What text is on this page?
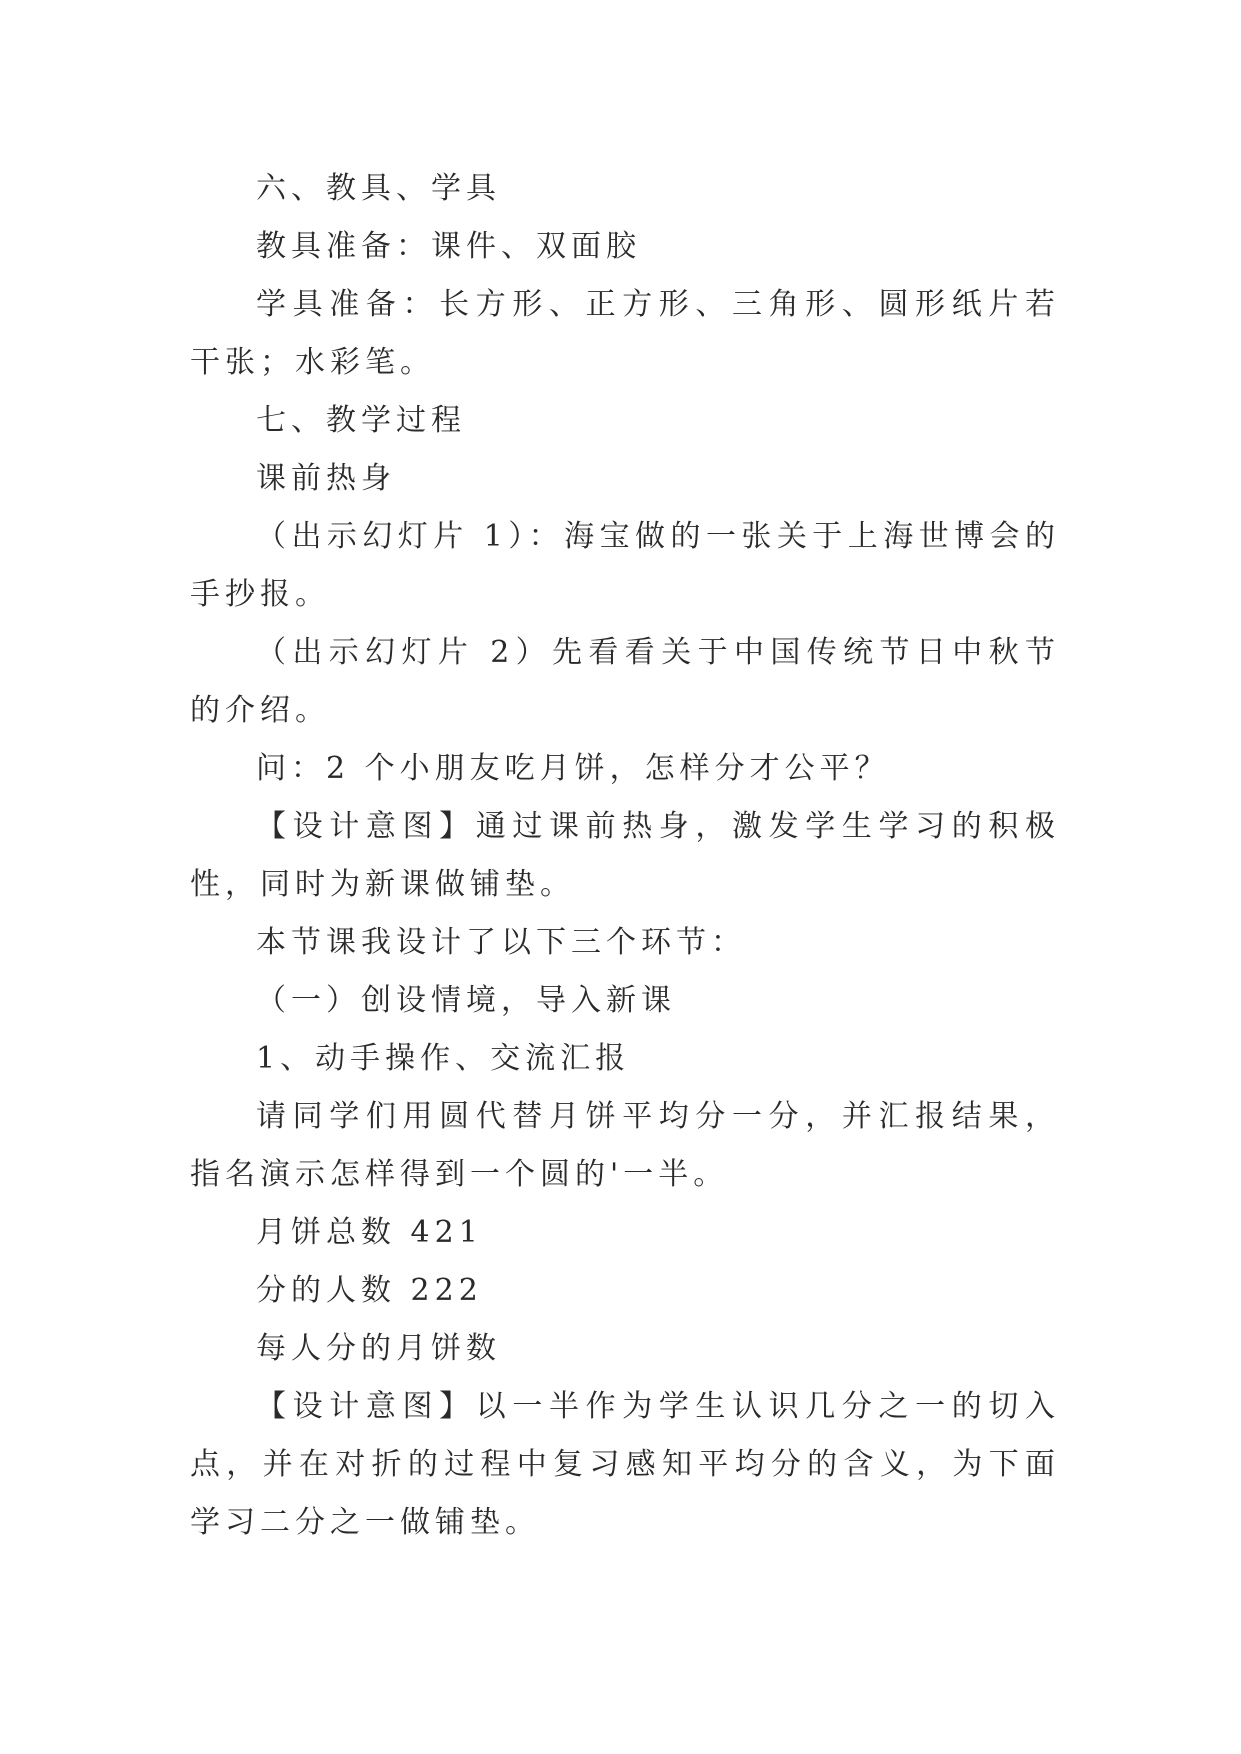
六、教具、学具

教具准备：课件、双面胶

学具准备：长方形、正方形、三角形、圆形纸片若干张；水彩笔。

七、教学过程

课前热身

（出示幻灯片 1）：海宝做的一张关于上海世博会的手抄报。

（出示幻灯片 2）先看看关于中国传统节日中秋节的介绍。

问：2 个小朋友吃月饼，怎样分才公平？

【设计意图】通过课前热身，激发学生学习的积极性，同时为新课做铺垫。

本节课我设计了以下三个环节：

（一）创设情境，导入新课

1、动手操作、交流汇报

请同学们用圆代替月饼平均分一分，并汇报结果，指名演示怎样得到一个圆的'一半。

月饼总数 421

分的人数 222

每人分的月饼数

【设计意图】以一半作为学生认识几分之一的切入点，并在对折的过程中复习感知平均分的含义，为下面学习二分之一做铺垫。
